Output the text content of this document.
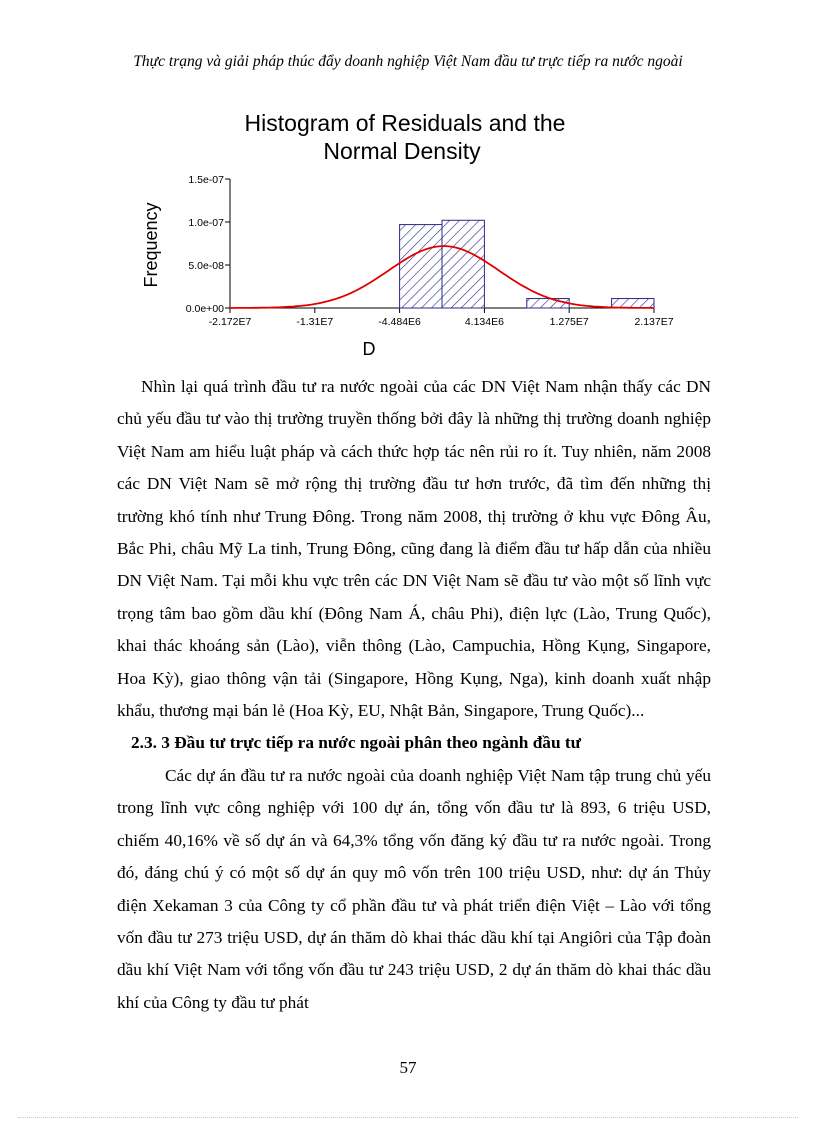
Thực trạng và giải pháp thúc đẩy doanh nghiệp Việt Nam đầu tư trực tiếp ra nước ngoài
Histogram of Residuals and the
Normal Density
Frequency
D
0.0e+00
5.0e-08
1.0e-07
1.5e-07
-2.172E7	-1.31E7	-4.484E6	4.134E6	1.275E7	2.137E7

Nhìn lại quá trình đầu tư ra nước ngoài của các DN Việt Nam nhận thấy các DN chủ yếu đầu tư vào thị trường truyền thống bởi đây là những thị trường doanh nghiệp Việt Nam am hiểu luật pháp và cách thức hợp tác nên rủi ro ít. Tuy nhiên, năm 2008 các DN Việt Nam sẽ mở rộng thị trường đầu tư hơn trước, đã tìm đến những thị trường khó tính như Trung Đông. Trong năm 2008, thị trường ở khu vực Đông Âu, Bắc Phi, châu Mỹ La tinh, Trung Đông, cũng đang là điểm đầu tư hấp dẫn của nhiều DN Việt Nam. Tại mỗi khu vực trên các DN Việt Nam sẽ đầu tư vào một số lĩnh vực trọng tâm bao gồm dầu khí (Đông Nam Á, châu Phi), điện lực (Lào, Trung Quốc), khai thác khoáng sản (Lào), viễn thông (Lào, Campuchia, Hồng Kụng, Singapore, Hoa Kỳ), giao thông vận tải (Singapore, Hồng Kụng, Nga), kinh doanh xuất nhập khẩu, thương mại bán lẻ (Hoa Kỳ, EU, Nhật Bản, Singapore, Trung Quốc)...

2.3. 3 Đầu tư trực tiếp ra nước ngoài phân theo ngành đầu tư

Các dự án đầu tư ra nước ngoài của doanh nghiệp Việt Nam tập trung chủ yếu trong lĩnh vực công nghiệp với 100 dự án, tổng vốn đầu tư là 893, 6 triệu USD, chiếm 40,16% về số dự án và 64,3% tổng vốn đăng ký đầu tư ra nước ngoài. Trong đó, đáng chú ý có một số dự án quy mô vốn trên 100 triệu USD, như: dự án Thủy điện Xekaman 3 của Công ty cổ phần đầu tư và phát triển điện Việt – Lào với tổng vốn đầu tư 273 triệu USD, dự án thăm dò khai thác dầu khí tại Angiôri của Tập đoàn dầu khí Việt Nam với tổng vốn đầu tư 243 triệu USD, 2 dự án thăm dò khai thác dầu khí của Công ty đầu tư phát

57
